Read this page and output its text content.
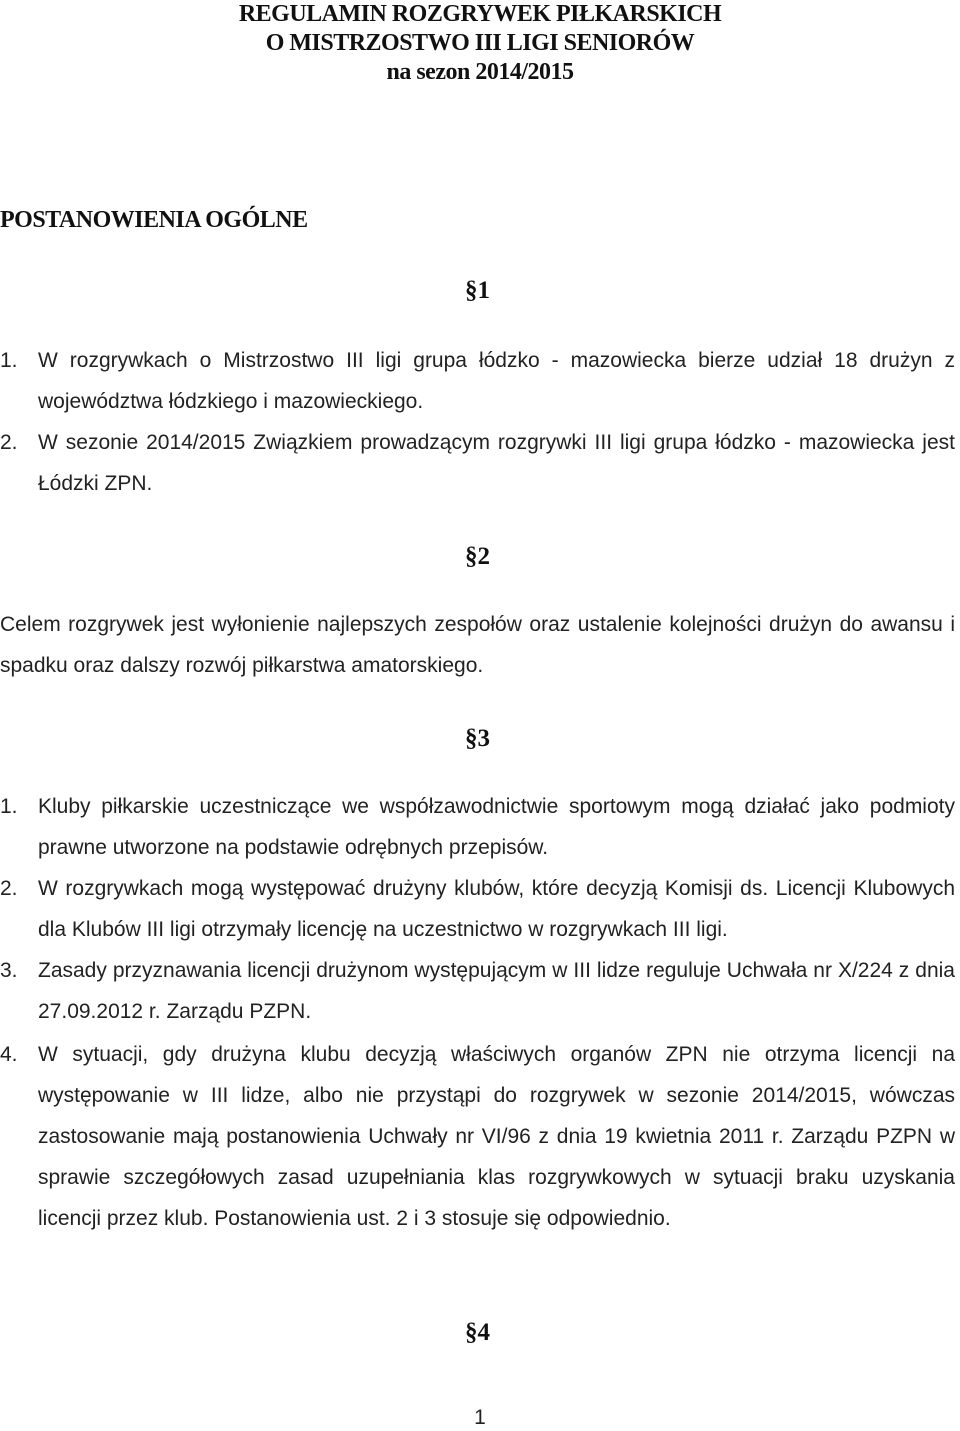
REGULAMIN ROZGRYWEK PIŁKARSKICH
O MISTRZOSTWO III LIGI SENIORÓW
na sezon 2014/2015
POSTANOWIENIA OGÓLNE
§1
1. W rozgrywkach o Mistrzostwo III ligi grupa łódzko - mazowiecka bierze udział 18 drużyn z województwa łódzkiego i mazowieckiego.
2. W sezonie 2014/2015 Związkiem prowadzącym rozgrywki III ligi grupa łódzko - mazowiecka jest Łódzki ZPN.
§2
Celem rozgrywek jest wyłonienie najlepszych zespołów oraz ustalenie kolejności drużyn do awansu i spadku oraz dalszy rozwój piłkarstwa amatorskiego.
§3
1. Kluby piłkarskie uczestniczące we współzawodnictwie sportowym mogą działać jako podmioty prawne utworzone na podstawie odrębnych przepisów.
2. W rozgrywkach mogą występować drużyny klubów, które decyzją Komisji ds. Licencji Klubowych dla Klubów III ligi otrzymały licencję na uczestnictwo w rozgrywkach III ligi.
3. Zasady przyznawania licencji drużynom występującym w III lidze reguluje Uchwała nr X/224 z dnia 27.09.2012 r. Zarządu PZPN.
4. W sytuacji, gdy drużyna klubu decyzją właściwych organów ZPN nie otrzyma licencji na występowanie w III lidze, albo nie przystąpi do rozgrywek w sezonie 2014/2015, wówczas zastosowanie mają postanowienia Uchwały nr VI/96 z dnia 19 kwietnia 2011 r. Zarządu PZPN w sprawie szczegółowych zasad uzupełniania klas rozgrywkowych w sytuacji braku uzyskania licencji przez klub. Postanowienia ust. 2 i 3 stosuje się odpowiednio.
§4
1
